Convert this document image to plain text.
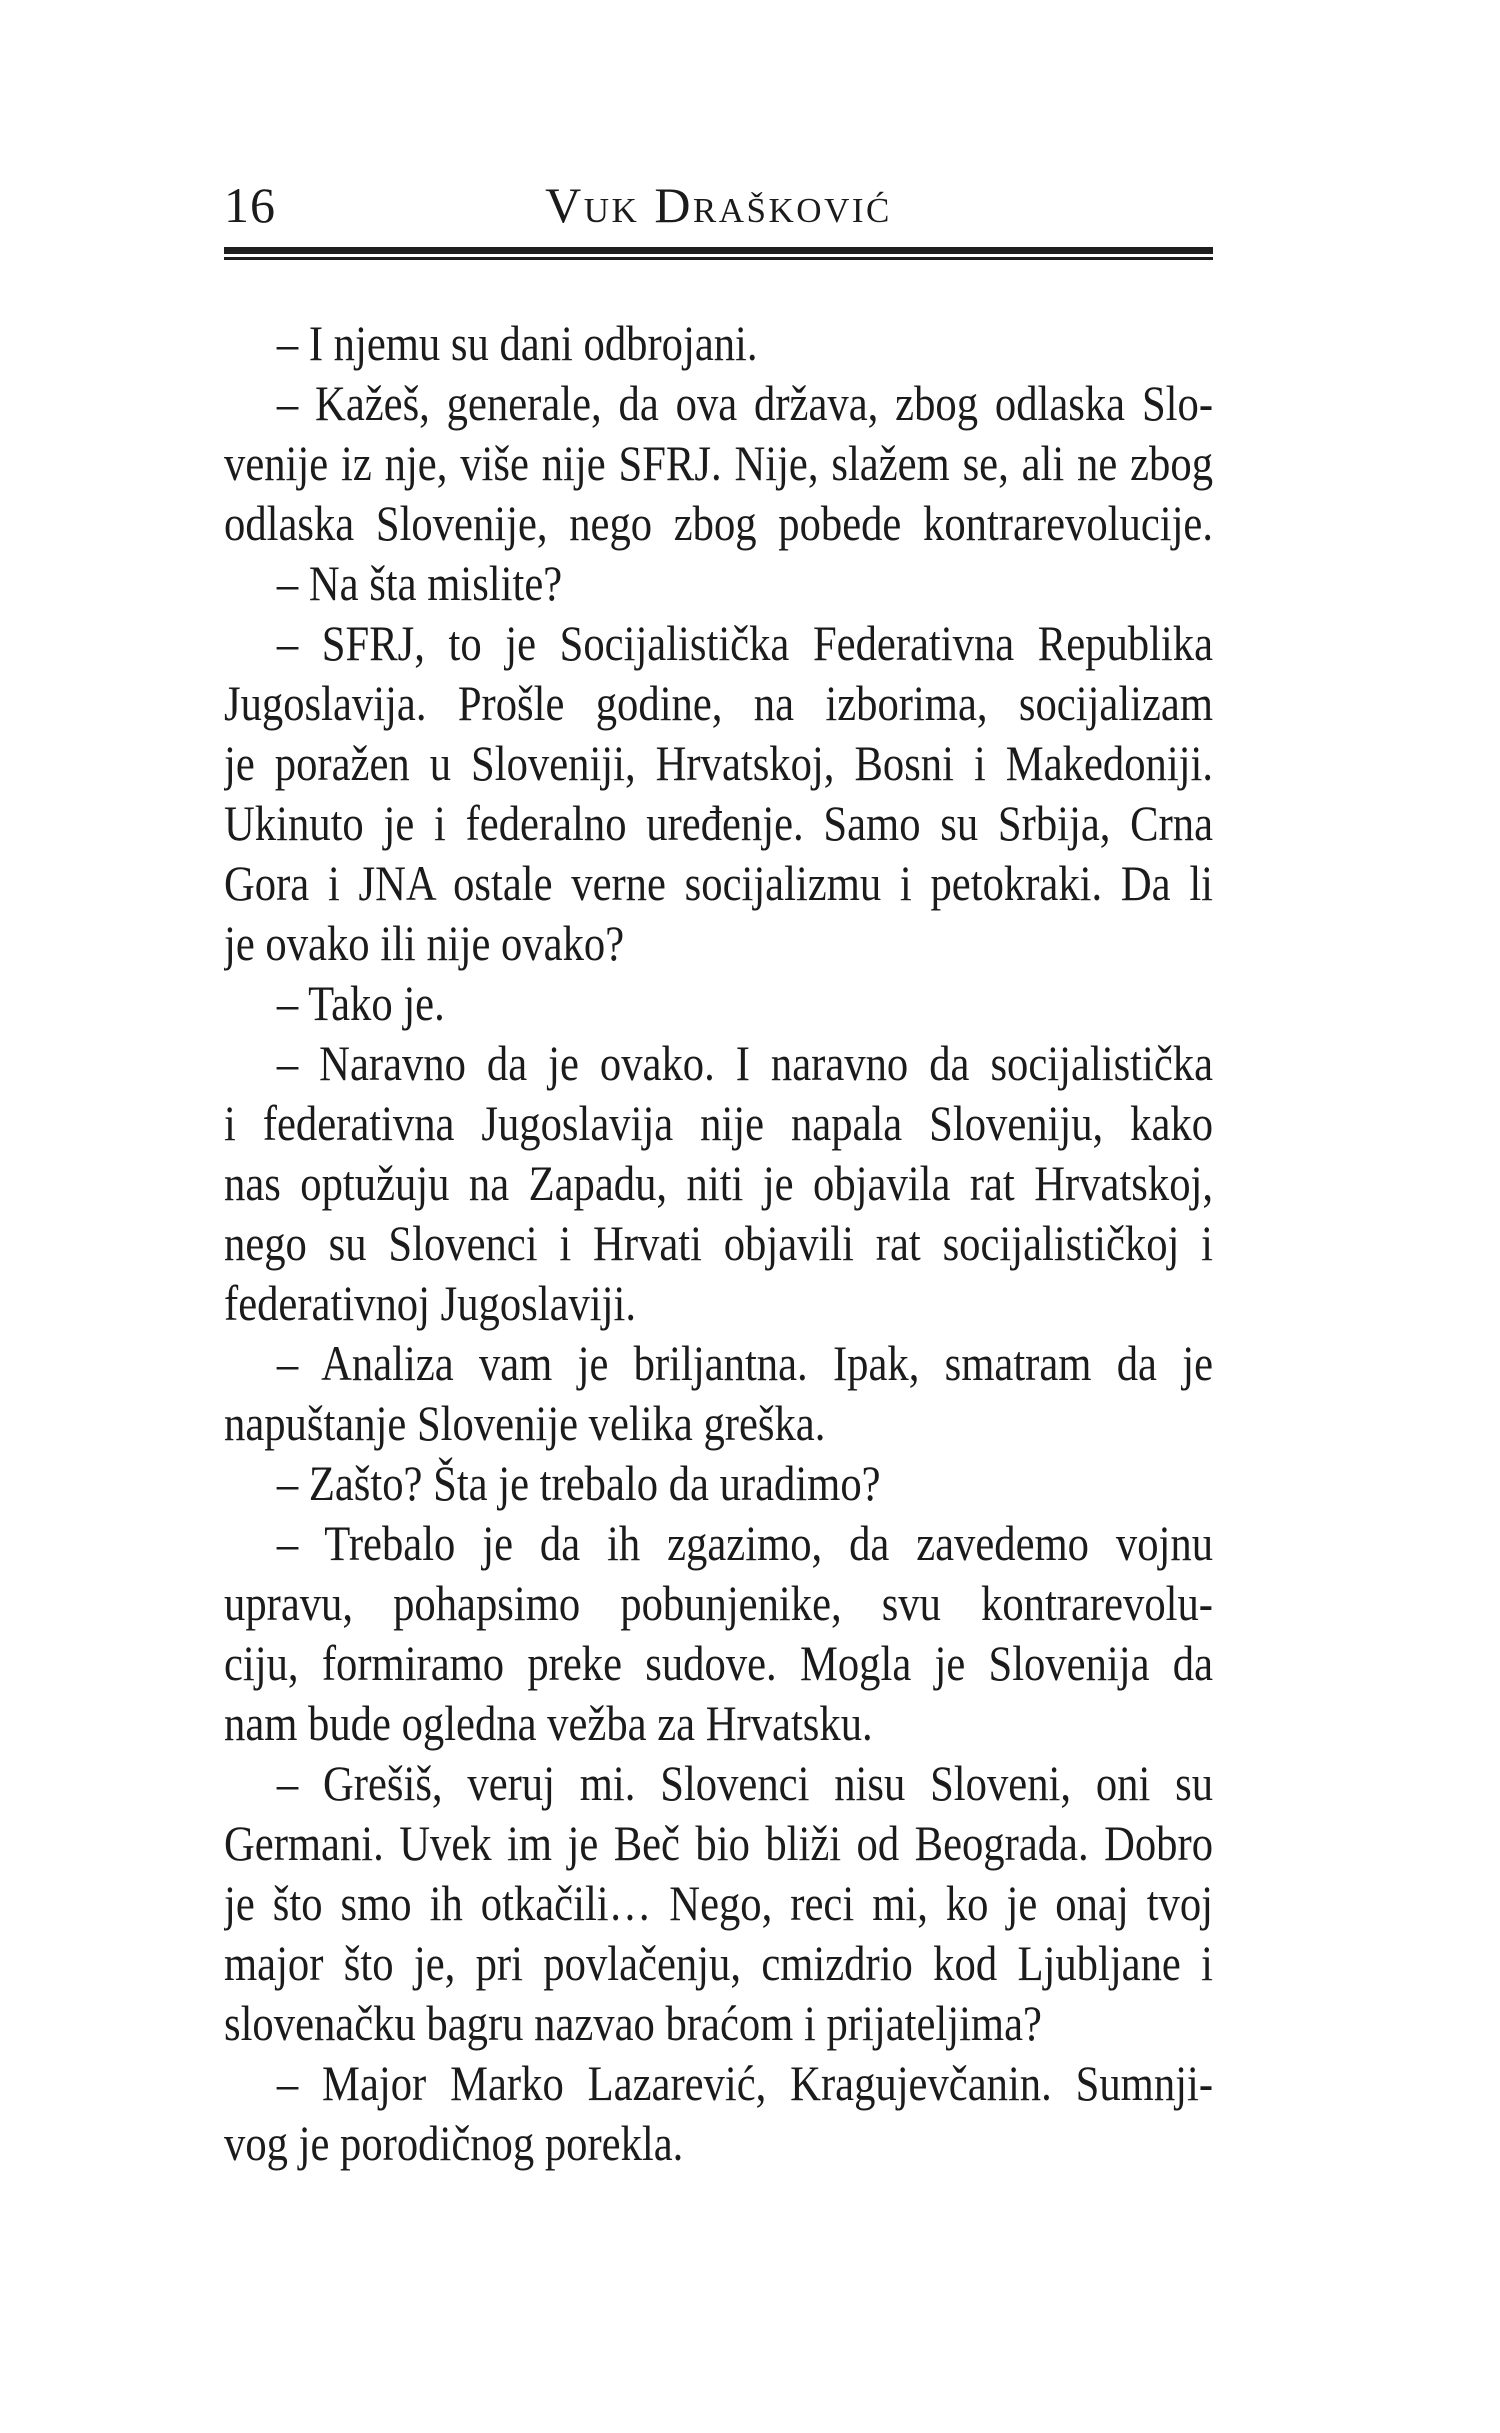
16	Vuk Drašković
– I njemu su dani odbrojani.
– Kažeš, generale, da ova država, zbog odlaska Slo-
venije iz nje, više nije SFRJ. Nije, slažem se, ali ne zbog
odlaska Slovenije, nego zbog pobede kontrarevolucije.
– Na šta mislite?
– SFRJ, to je Socijalistička Federativna Republika
Jugoslavija. Prošle godine, na izborima, socijalizam
je poražen u Sloveniji, Hrvatskoj, Bosni i Makedoniji.
Ukinuto je i federalno uređenje. Samo su Srbija, Crna
Gora i JNA ostale verne socijalizmu i petokraki. Da li
je ovako ili nije ovako?
– Tako je.
– Naravno da je ovako. I naravno da socijalistička
i federativna Jugoslavija nije napala Sloveniju, kako
nas optužuju na Zapadu, niti je objavila rat Hrvatskoj,
nego su Slovenci i Hrvati objavili rat socijalističkoj i
federativnoj Jugoslaviji.
– Analiza vam je briljantna. Ipak, smatram da je
napuštanje Slovenije velika greška.
– Zašto? Šta je trebalo da uradimo?
– Trebalo je da ih zgazimo, da zavedemo vojnu
upravu, pohapsimo pobunjenike, svu kontrarevolu-
ciju, formiramo preke sudove. Mogla je Slovenija da
nam bude ogledna vežba za Hrvatsku.
– Grešiš, veruj mi. Slovenci nisu Sloveni, oni su
Germani. Uvek im je Beč bio bliži od Beograda. Dobro
je što smo ih otkačili… Nego, reci mi, ko je onaj tvoj
major što je, pri povlačenju, cmizdrio kod Ljubljane i
slovenačku bagru nazvao braćom i prijateljima?
– Major Marko Lazarević, Kragujevčanin. Sumnji-
vog je porodičnog porekla.
